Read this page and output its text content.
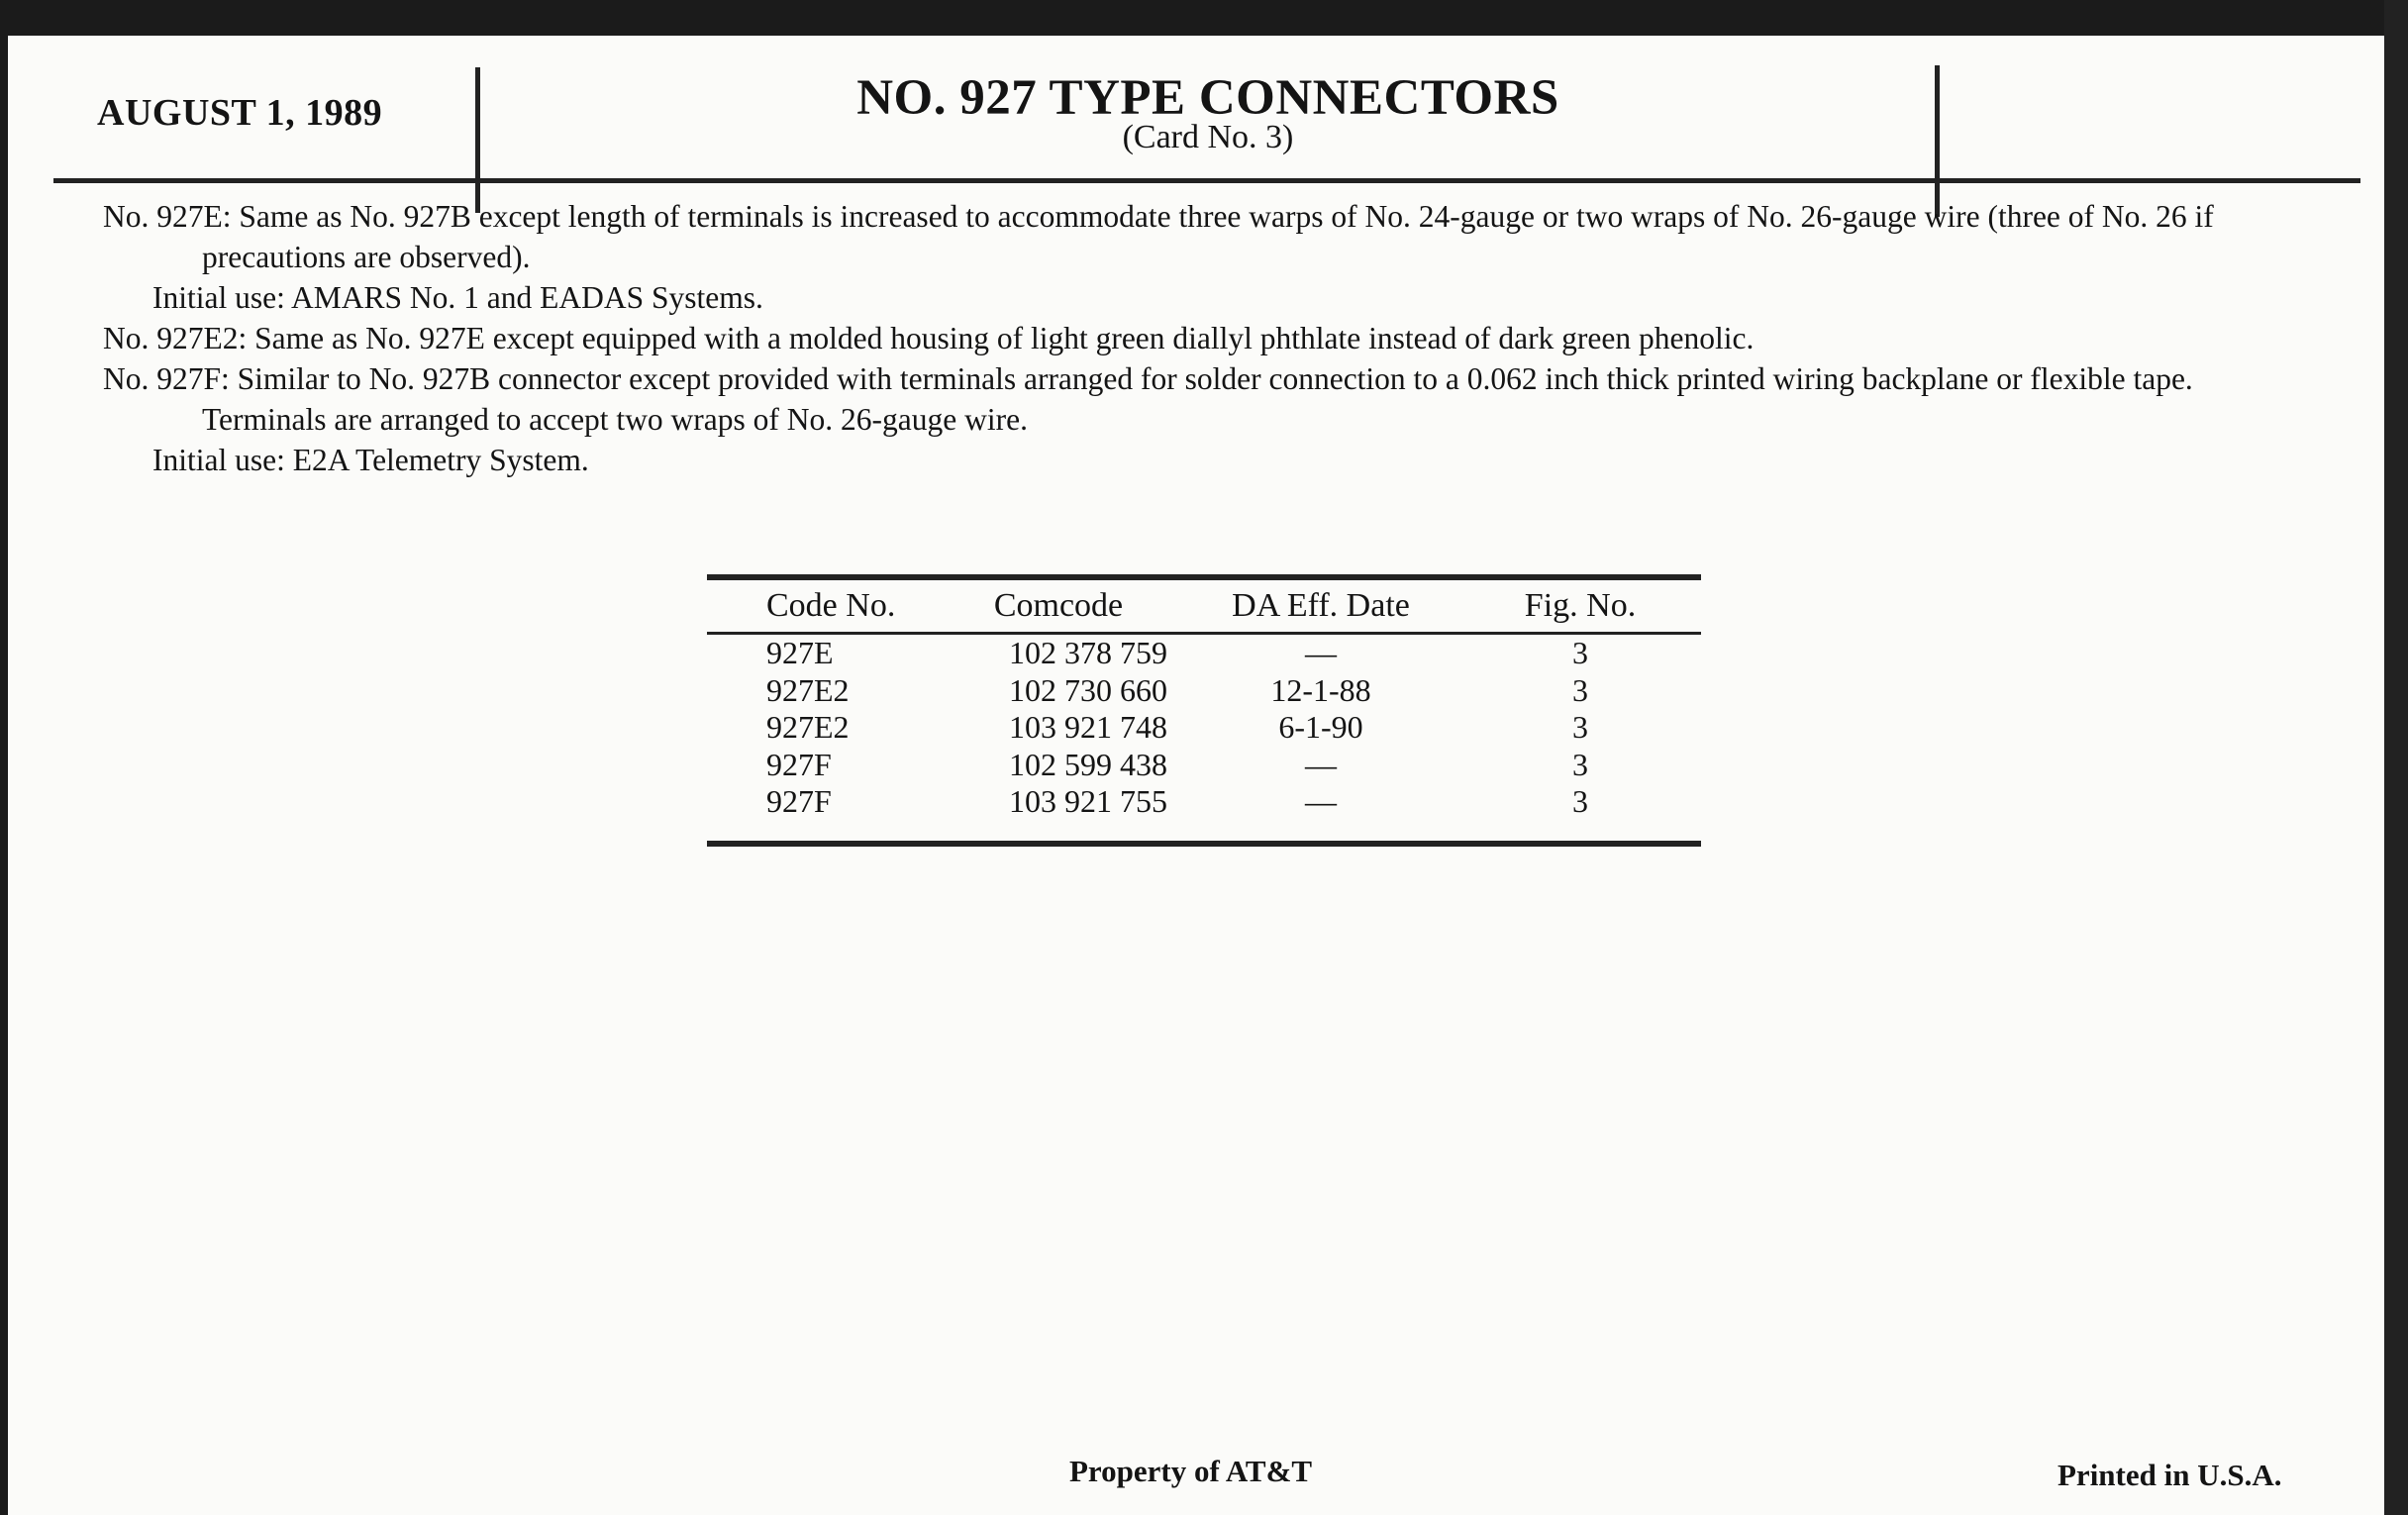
AUGUST 1, 1989	NO. 927 TYPE CONNECTORS
(Card No. 3)

No. 927E: Same as No. 927B except length of terminals is increased to accommodate three warps of No. 24-gauge or two wraps of No. 26-gauge wire (three of No. 26 if precautions are observed).

Initial use: AMARS No. 1 and EADAS Systems.

No. 927E2: Same as No. 927E except equipped with a molded housing of light green diallyl phthlate instead of dark green phenolic.

No. 927F: Similar to No. 927B connector except provided with terminals arranged for solder connection to a 0.062 inch thick printed wiring backplane or flexible tape. Terminals are arranged to accept two wraps of No. 26-gauge wire.

Initial use: E2A Telemetry System.

Code No.	Comcode	DA Eff. Date	Fig. No.
927E	102 378 759	—	3
927E2	102 730 660	12-1-88	3
927E2	103 921 748	6-1-90	3
927F	102 599 438	—	3
927F	103 921 755	—	3
Property of AT&T	Printed in U.S.A.
